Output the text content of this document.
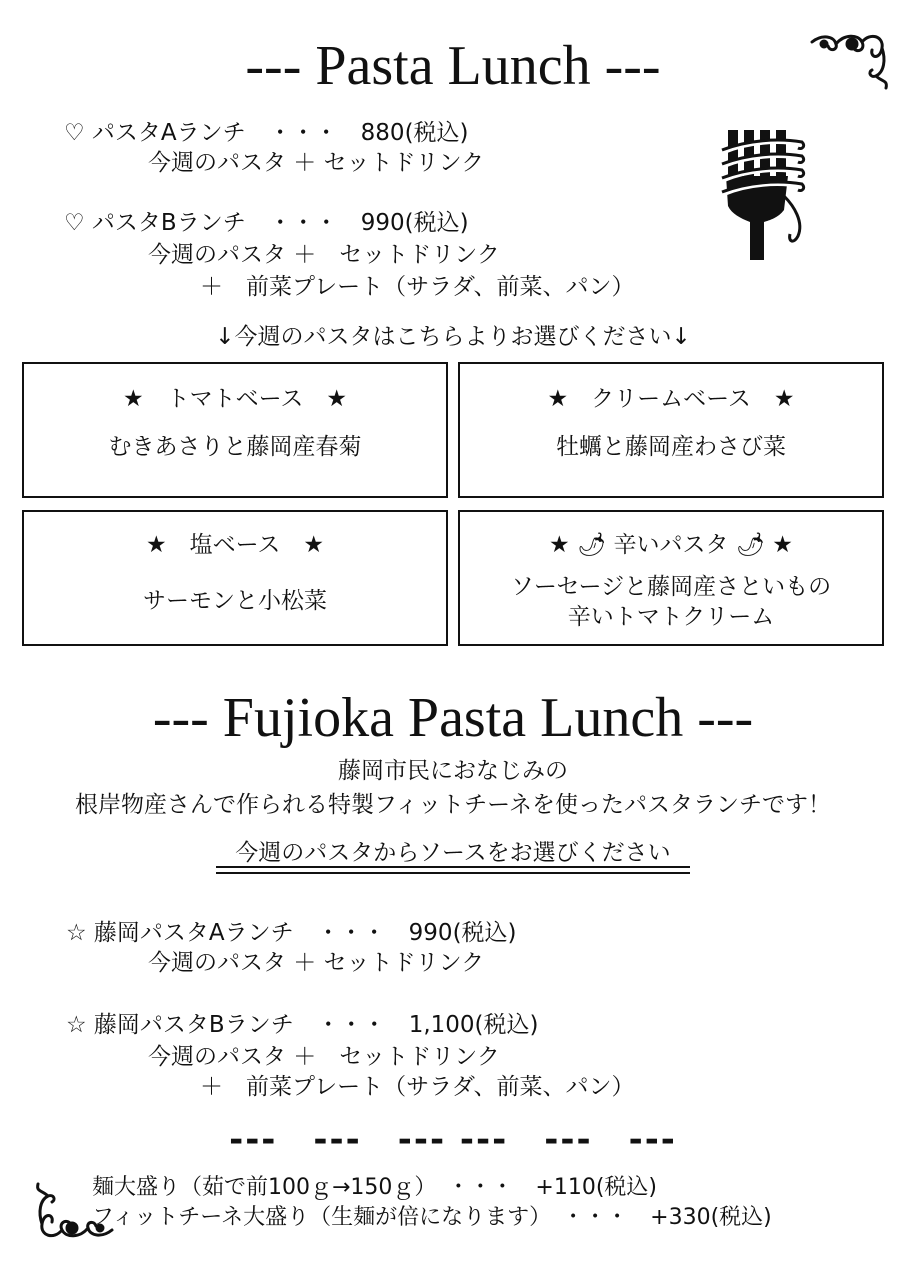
--- Pasta Lunch ---
♡ パスタAランチ　・・・　880(税込)
今週のパスタ ＋ セットドリンク
♡ パスタBランチ　・・・　990(税込)
今週のパスタ ＋　セットドリンク
＋　前菜プレート（サラダ、前菜、パン）
↓今週のパスタはこちらよりお選びください↓
★　トマトベース　★
むきあさりと藤岡産春菊
★　クリームベース　★
牡蠣と藤岡産わさび菜
★　塩ベース　★
サーモンと小松菜
★ 🌶 辛いパスタ 🌶 ★
ソーセージと藤岡産さといもの
辛いトマトクリーム
--- Fujioka Pasta Lunch ---
藤岡市民におなじみの
根岸物産さんで作られる特製フィットチーネを使ったパスタランチです！
今週のパスタからソースをお選びください
☆ 藤岡パスタAランチ　・・・　990(税込)
今週のパスタ ＋ セットドリンク
☆ 藤岡パスタBランチ　・・・　1,100(税込)
今週のパスタ ＋　セットドリンク
＋　前菜プレート（サラダ、前菜、パン）
---　---　--- ---　---　---
麺大盛り（茹で前100ｇ→150ｇ）　・・・　+110(税込)
フィットチーネ大盛り（生麺が倍になります）　・・・　+330(税込)
